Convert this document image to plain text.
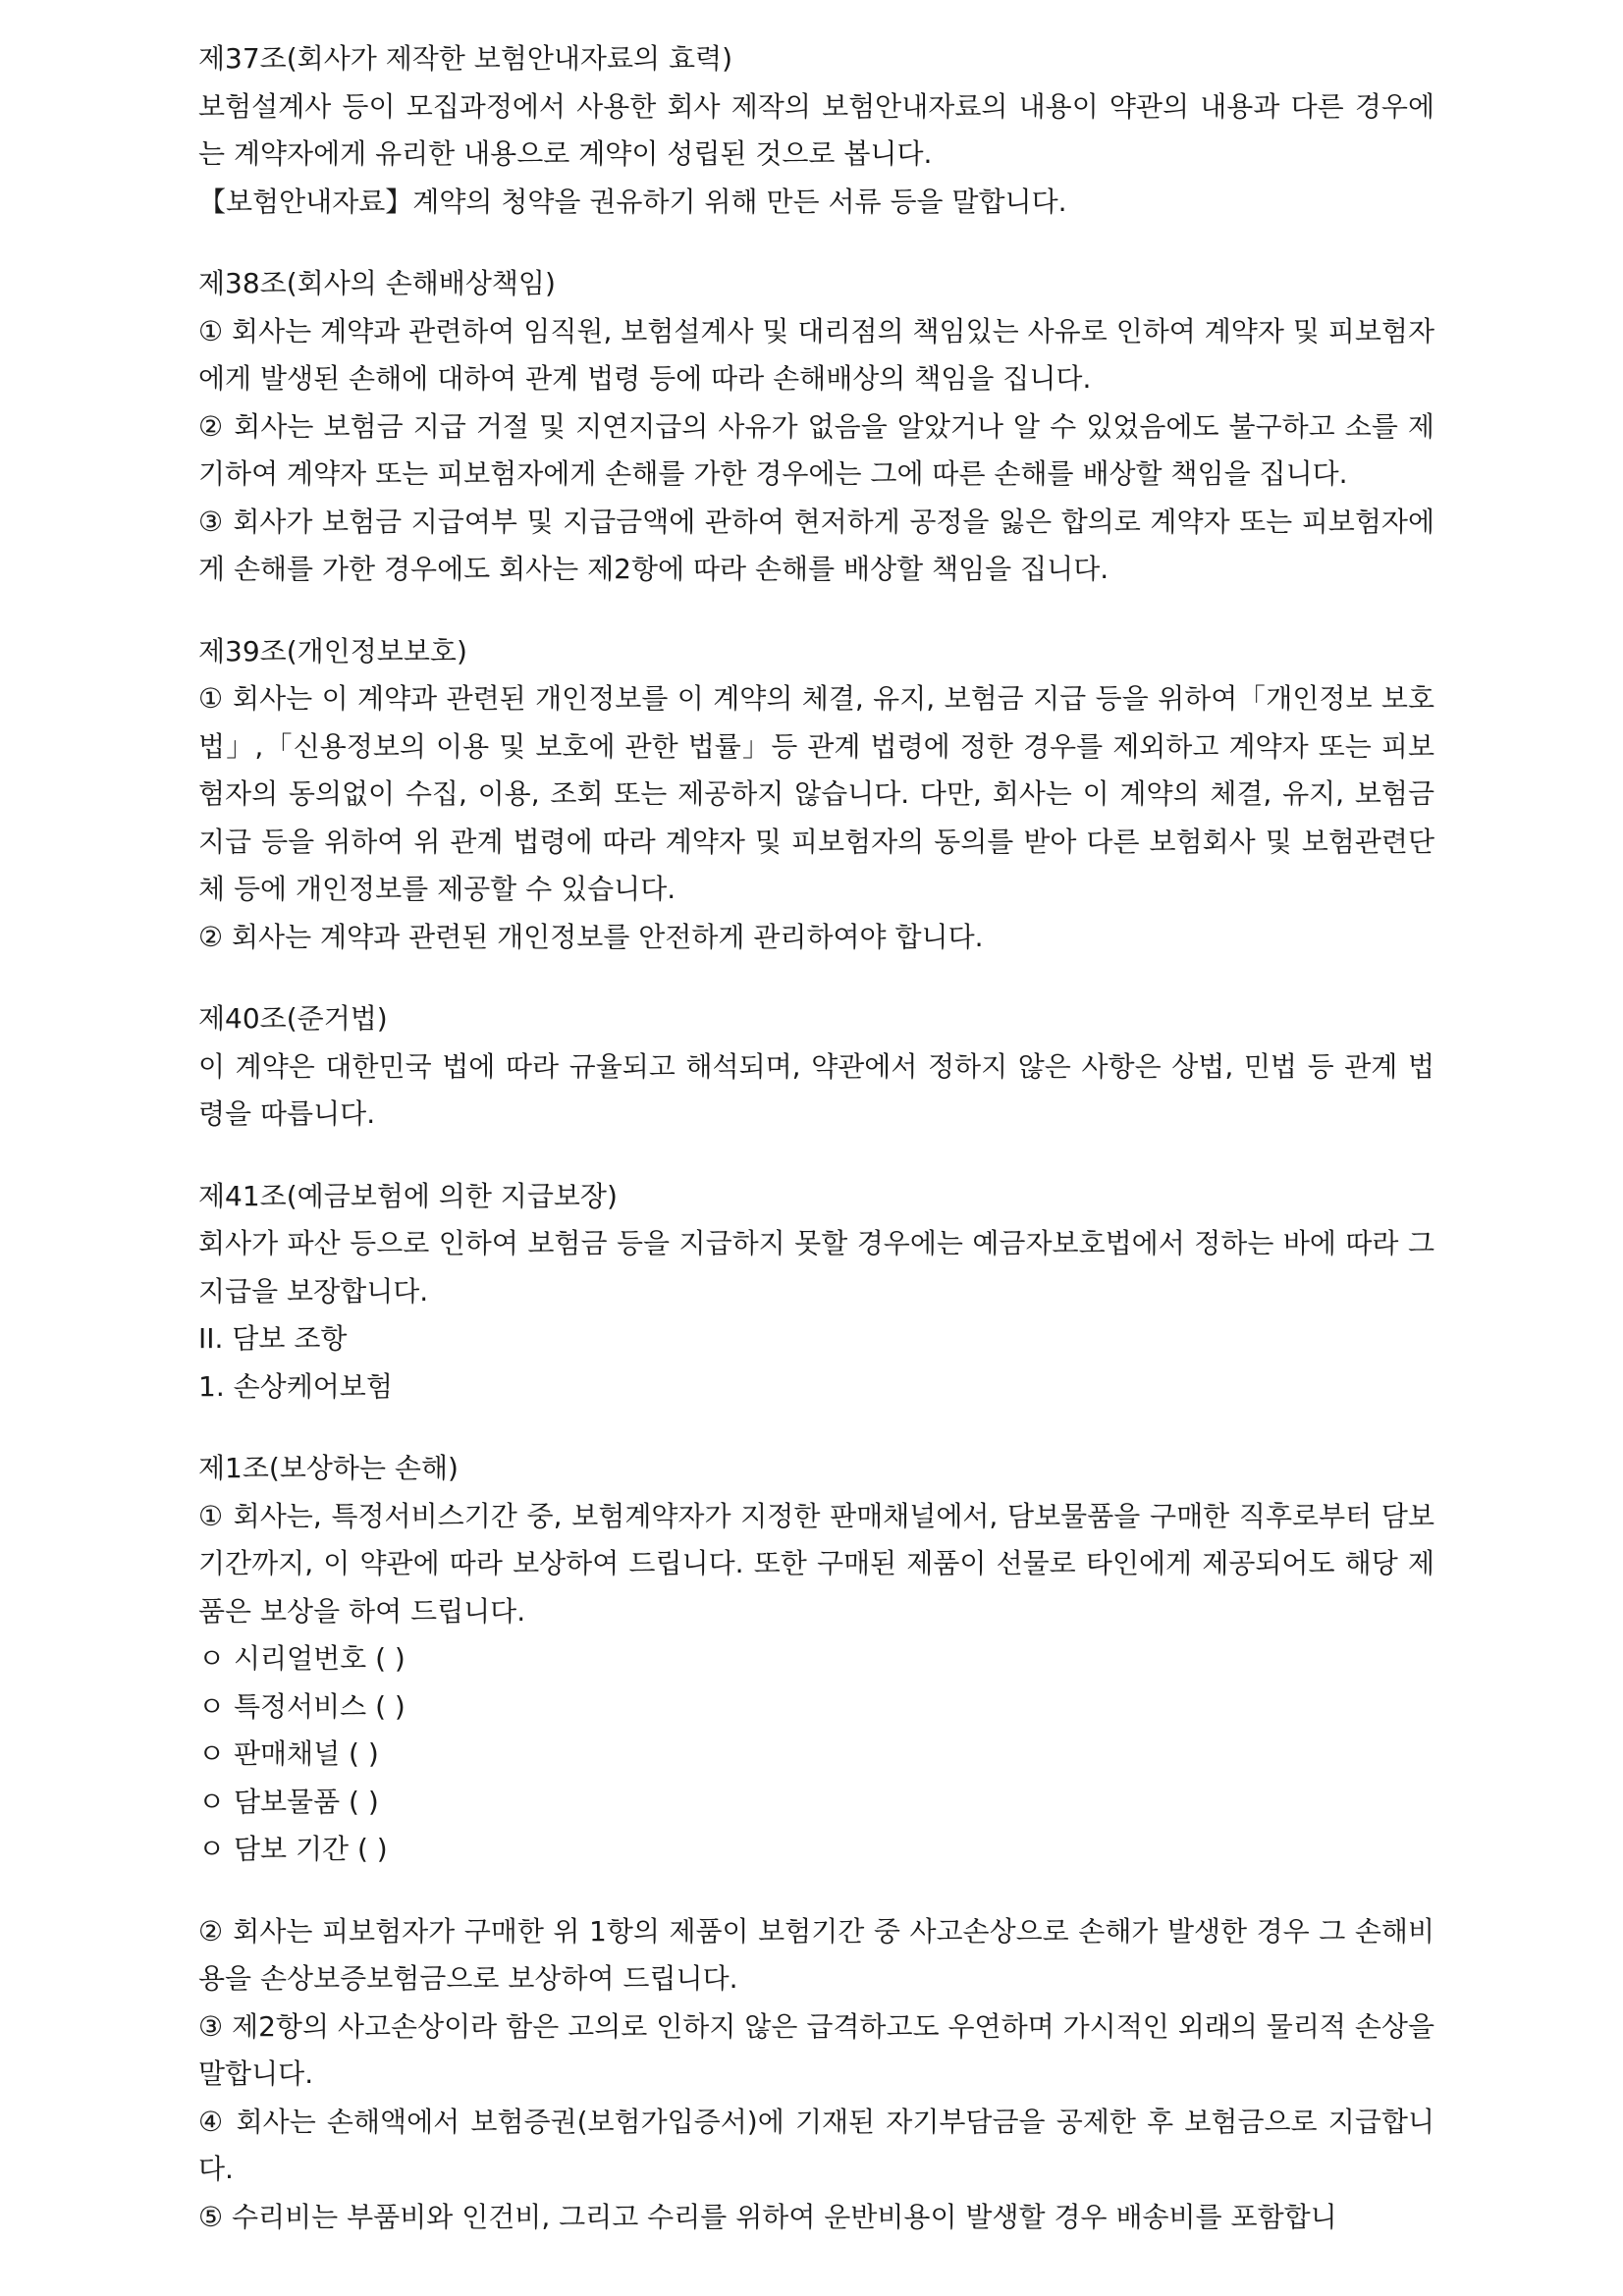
제37조(회사가 제작한 보험안내자료의 효력)
보험설계사 등이 모집과정에서 사용한 회사 제작의 보험안내자료의 내용이 약관의 내용과 다른 경우에는 계약자에게 유리한 내용으로 계약이 성립된 것으로 봅니다.
【보험안내자료】계약의 청약을 권유하기 위해 만든 서류 등을 말합니다.
제38조(회사의 손해배상책임)
① 회사는 계약과 관련하여 임직원, 보험설계사 및 대리점의 책임있는 사유로 인하여 계약자 및 피보험자에게 발생된 손해에 대하여 관계 법령 등에 따라 손해배상의 책임을 집니다.
② 회사는 보험금 지급 거절 및 지연지급의 사유가 없음을 알았거나 알 수 있었음에도 불구하고 소를 제기하여 계약자 또는 피보험자에게 손해를 가한 경우에는 그에 따른 손해를 배상할 책임을 집니다.
③ 회사가 보험금 지급여부 및 지급금액에 관하여 현저하게 공정을 잃은 합의로 계약자 또는 피보험자에게 손해를 가한 경우에도 회사는 제2항에 따라 손해를 배상할 책임을 집니다.
제39조(개인정보보호)
① 회사는 이 계약과 관련된 개인정보를 이 계약의 체결, 유지, 보험금 지급 등을 위하여「개인정보 보호법」,「신용정보의 이용 및 보호에 관한 법률」등 관계 법령에 정한 경우를 제외하고 계약자 또는 피보험자의 동의없이 수집, 이용, 조회 또는 제공하지 않습니다. 다만, 회사는 이 계약의 체결, 유지, 보험금 지급 등을 위하여 위 관계 법령에 따라 계약자 및 피보험자의 동의를 받아 다른 보험회사 및 보험관련단체 등에 개인정보를 제공할 수 있습니다.
② 회사는 계약과 관련된 개인정보를 안전하게 관리하여야 합니다.
제40조(준거법)
이 계약은 대한민국 법에 따라 규율되고 해석되며, 약관에서 정하지 않은 사항은 상법, 민법 등 관계 법령을 따릅니다.
제41조(예금보험에 의한 지급보장)
회사가 파산 등으로 인하여 보험금 등을 지급하지 못할 경우에는 예금자보호법에서 정하는 바에 따라 그 지급을 보장합니다.
II. 담보 조항
1. 손상케어보험
제1조(보상하는 손해)
① 회사는, 특정서비스기간 중, 보험계약자가 지정한 판매채널에서, 담보물품을 구매한 직후로부터 담보기간까지, 이 약관에 따라 보상하여 드립니다. 또한 구매된 제품이 선물로 타인에게 제공되어도 해당 제품은 보상을 하여 드립니다.
ㅇ 시리얼번호 ( )
ㅇ 특정서비스 ( )
ㅇ 판매채널 ( )
ㅇ 담보물품 ( )
ㅇ 담보 기간 ( )
② 회사는 피보험자가 구매한 위 1항의 제품이 보험기간 중 사고손상으로 손해가 발생한 경우 그 손해비용을 손상보증보험금으로 보상하여 드립니다.
③ 제2항의 사고손상이라 함은 고의로 인하지 않은 급격하고도 우연하며 가시적인 외래의 물리적 손상을 말합니다.
④ 회사는 손해액에서 보험증권(보험가입증서)에 기재된 자기부담금을 공제한 후 보험금으로 지급합니다.
⑤ 수리비는 부품비와 인건비, 그리고 수리를 위하여 운반비용이 발생할 경우 배송비를 포함합니
